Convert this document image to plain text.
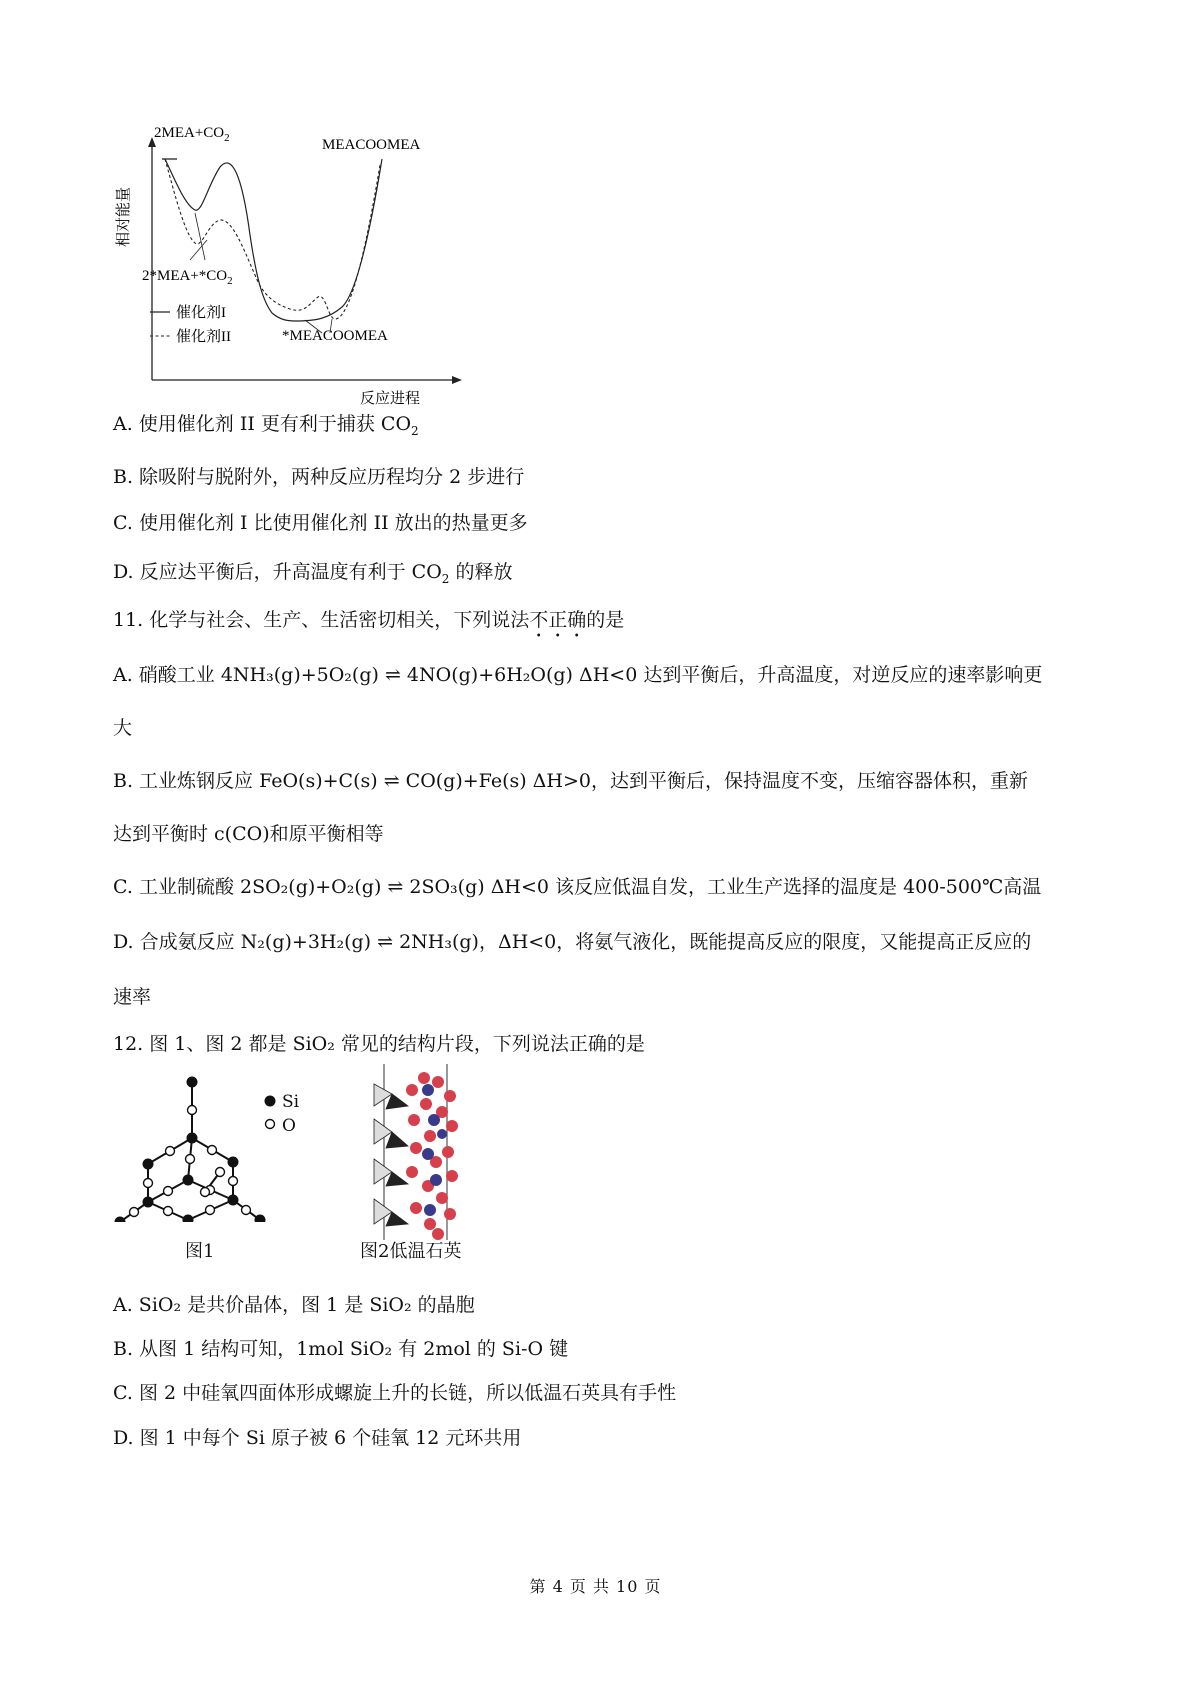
相对能量
$2MEA+CO_2$	MEACOOMEA
$2*MEA+*CO_2$
催化剂I
催化剂II	*MEACOOMEA
反应进程
A. 使用催化剂 II 更有利于捕获 $CO_2$
B. 除吸附与脱附外，两种反应历程均分 2 步进行
C. 使用催化剂 I 比使用催化剂 II 放出的热量更多
D. 反应达平衡后，升高温度有利于 $CO_2$ 的释放
11. 化学与社会、生产、生活密切相关，下列说法不正确的是
A. 硝酸工业 4NH₃(g)+5O₂(g) ⇌ 4NO(g)+6H₂O(g) ΔH<0 达到平衡后，升高温度，对逆反应的速率影响更
大
B. 工业炼钢反应 FeO(s)+C(s) ⇌ CO(g)+Fe(s) ΔH>0，达到平衡后，保持温度不变，压缩容器体积，重新
达到平衡时 c(CO)和原平衡相等
C. 工业制硫酸 2SO₂(g)+O₂(g) ⇌ 2SO₃(g) ΔH<0 该反应低温自发，工业生产选择的温度是 400-500℃高温
D. 合成氨反应 N₂(g)+3H₂(g) ⇌ 2NH₃(g)，ΔH<0，将氨气液化，既能提高反应的限度，又能提高正反应的
速率
12. 图 1、图 2 都是 SiO₂ 常见的结构片段，下列说法正确的是
Si
O
图1	图2低温石英
A. SiO₂ 是共价晶体，图 1 是 SiO₂ 的晶胞
B. 从图 1 结构可知，1mol SiO₂ 有 2mol 的 Si-O 键
C. 图 2 中硅氧四面体形成螺旋上升的长链，所以低温石英具有手性
D. 图 1 中每个 Si 原子被 6 个硅氧 12 元环共用
第 4 页 共 10 页
